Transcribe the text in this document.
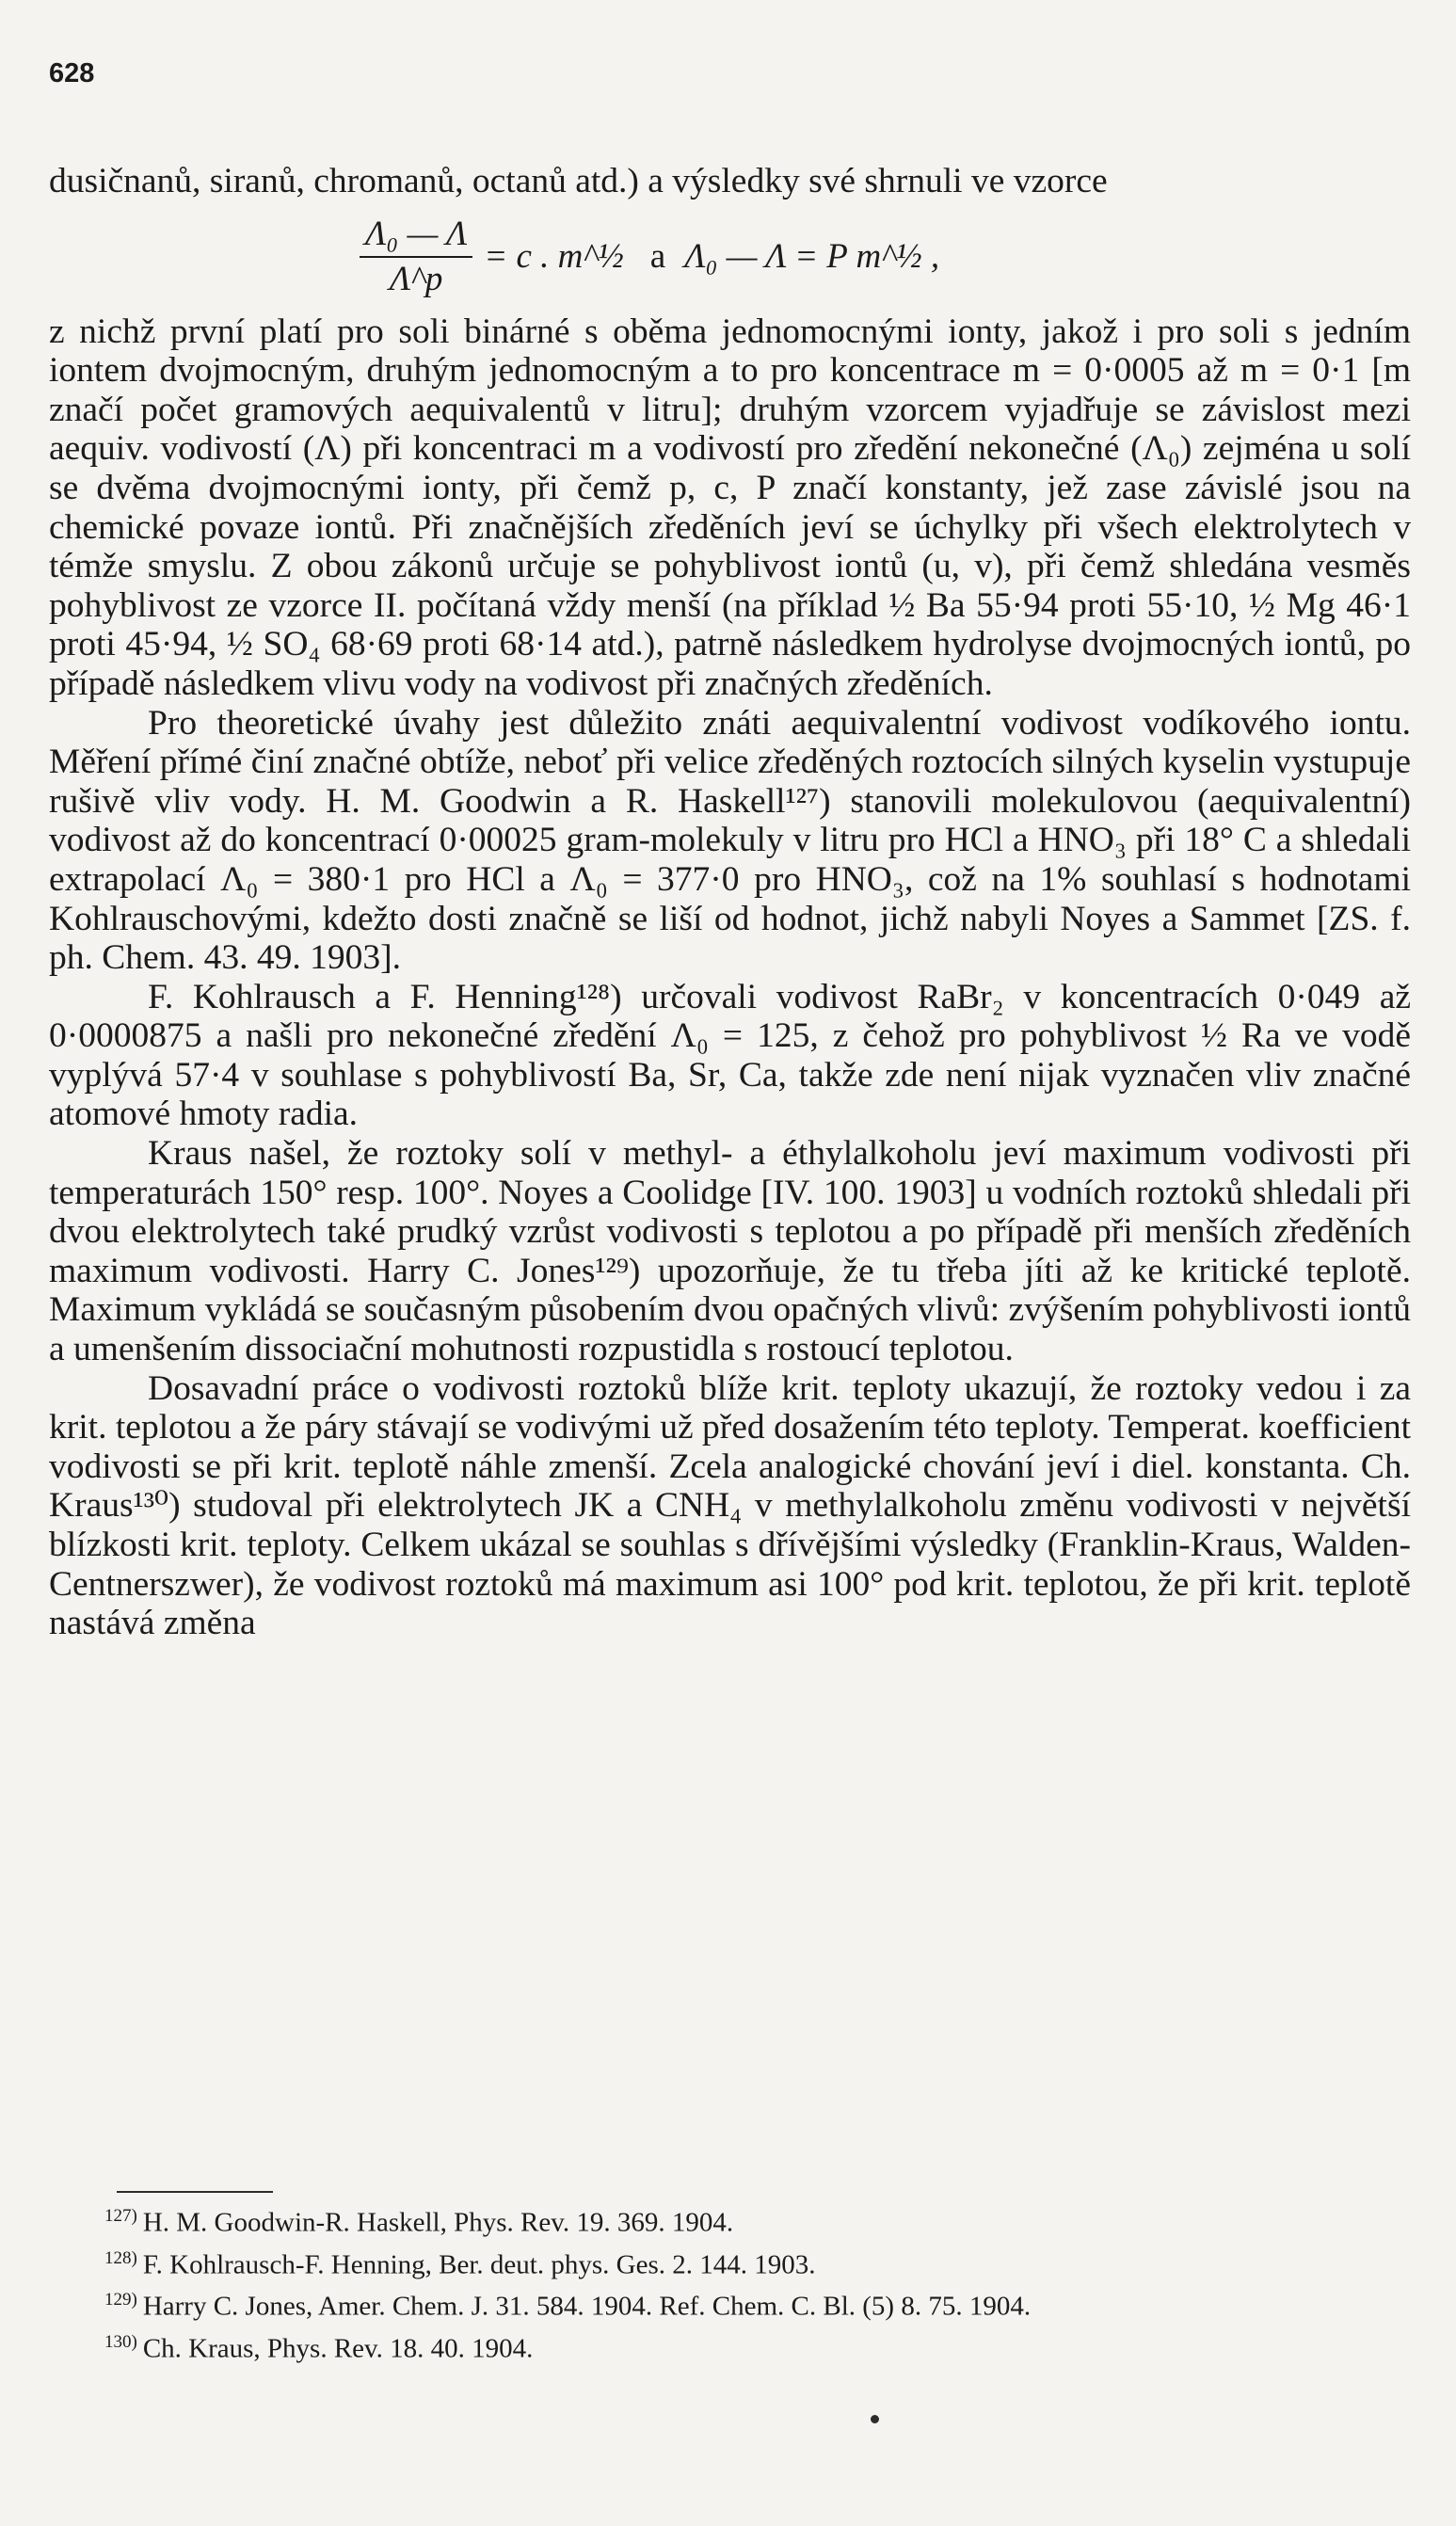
628

dusičnanů, siranů, chromanů, octanů atd.) a výsledky své shrnuli ve vzorce

$\frac{\text{Λ₀ — Λ}}{\Lambda\^{}p} = c$ . m^½ a Λ₀ — Λ = P m^½ ,

z nichž první platí pro soli binárné s oběma jednomocnými ionty, jakož i pro soli s jedním iontem dvojmocným, druhým jednomocným a to pro koncentrace m = 0·0005 až m = 0·1 [m značí počet gramových aequivalentů v litru]; druhým vzorcem vyjadřuje se závislost mezi aequiv. vodivostí (Λ) při koncentraci m a vodivostí pro zředění nekonečné (Λ₀) zejména u solí se dvěma dvojmocnými ionty, při čemž p, c, P značí konstanty, jež zase závislé jsou na chemické povaze iontů. Při značnějších zředěních jeví se úchylky při všech elektrolytech v témže smyslu. Z obou zákonů určuje se pohyblivost iontů (u, v), při čemž shledána vesměs pohyblivost ze vzorce II. počítaná vždy menší (na příklad ½ Ba 55·94 proti 55·10, ½ Mg 46·1 proti 45·94, ½ SO₄ 68·69 proti 68·14 atd.), patrně následkem hydrolyse dvojmocných iontů, po případě následkem vlivu vody na vodivost při značných zředěních.

Pro theoretické úvahy jest důležito znáti aequivalentní vodivost vodíkového iontu. Měření přímé činí značné obtíže, neboť při velice zředěných roztocích silných kyselin vystupuje rušivě vliv vody. H. M. Goodwin a R. Haskell¹²⁷) stanovili molekulovou (aequivalentní) vodivost až do koncentrací 0·00025 gram-molekuly v litru pro HCl a HNO₃ při 18° C a shledali extrapolací Λ₀ = 380·1 pro HCl a Λ₀ = 377·0 pro HNO₃, což na 1% souhlasí s hodnotami Kohlrauschovými, kdežto dosti značně se liší od hodnot, jichž nabyli Noyes a Sammet [ZS. f. ph. Chem. 43. 49. 1903].

F. Kohlrausch a F. Henning¹²⁸) určovali vodivost RaBr₂ v koncentracích 0·049 až 0·0000875 a našli pro nekonečné zředění Λ₀ = 125, z čehož pro pohyblivost ½ Ra ve vodě vyplývá 57·4 v souhlase s pohyblivostí Ba, Sr, Ca, takže zde není nijak vyznačen vliv značné atomové hmoty radia.

Kraus našel, že roztoky solí v methyl- a éthylalkoholu jeví maximum vodivosti při temperaturách 150° resp. 100°. Noyes a Coolidge [IV. 100. 1903] u vodních roztoků shledali při dvou elektrolytech také prudký vzrůst vodivosti s teplotou a po případě při menších zředěních maximum vodivosti. Harry C. Jones¹²⁹) upozorňuje, že tu třeba jíti až ke kritické teplotě. Maximum vykládá se současným působením dvou opačných vlivů: zvýšením pohyblivosti iontů a umenšením dissociační mohutnosti rozpustidla s rostoucí teplotou.

Dosavadní práce o vodivosti roztoků blíže krit. teploty ukazují, že roztoky vedou i za krit. teplotou a že páry stávají se vodivými už před dosažením této teploty. Temperat. koefficient vodivosti se při krit. teplotě náhle zmenší. Zcela analogické chování jeví i diel. konstanta. Ch. Kraus¹³⁰) studoval při elektrolytech JK a CNH₄ v methylalkoholu změnu vodivosti v největší blízkosti krit. teploty. Celkem ukázal se souhlas s dřívějšími výsledky (Franklin-Kraus, Walden-Centnerszwer), že vodivost roztoků má maximum asi 100° pod krit. teplotou, že při krit. teplotě nastává změna

$^{127)}$ H. M. Goodwin-R. Haskell, Phys. Rev. 19. 369. 1904.

$^{128)}$ F. Kohlrausch-F. Henning, Ber. deut. phys. Ges. 2. 144. 1903.

$^{129)}$ Harry C. Jones, Amer. Chem. J. 31. 584. 1904. Ref. Chem. C. Bl. (5) 8. 75. 1904.

$^{130)}$ Ch. Kraus, Phys. Rev. 18. 40. 1904.
